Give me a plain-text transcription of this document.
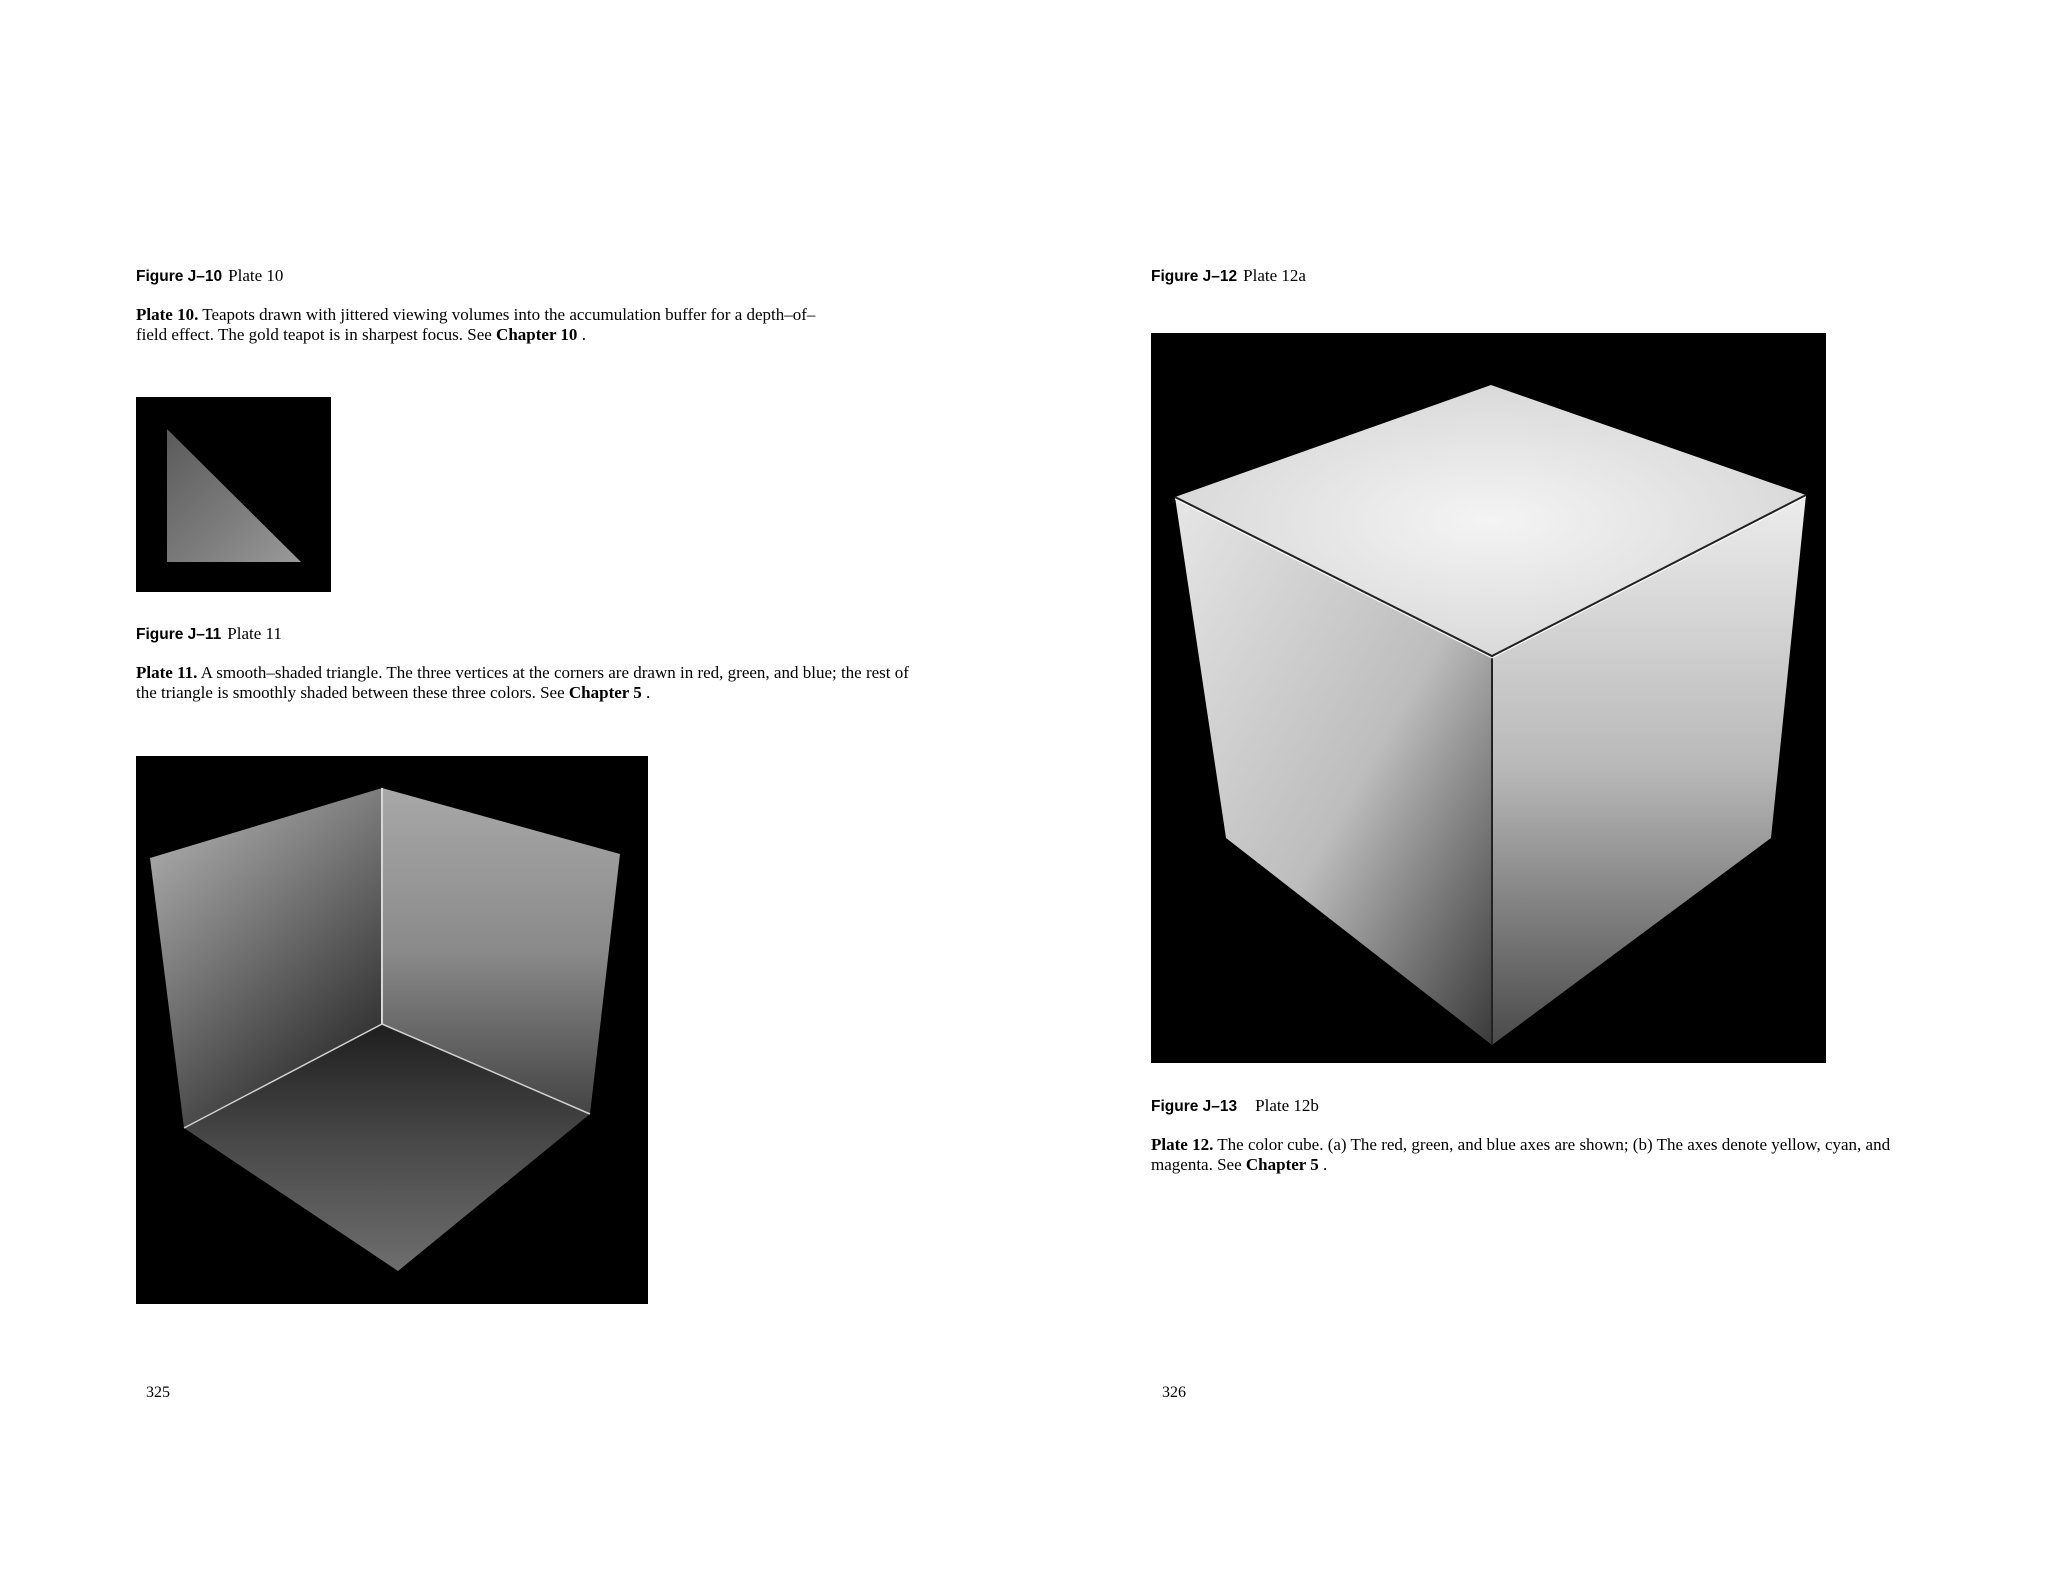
Figure J–10 Plate 10
Plate 10. Teapots drawn with jittered viewing volumes into the accumulation buffer for a depth–of–field effect. The gold teapot is in sharpest focus. See Chapter 10 .
Figure J–11 Plate 11
Plate 11. A smooth–shaded triangle. The three vertices at the corners are drawn in red, green, and blue; the rest of the triangle is smoothly shaded between these three colors. See Chapter 5 .
325
Figure J–12 Plate 12a
Figure J–13 Plate 12b
Plate 12. The color cube. (a) The red, green, and blue axes are shown; (b) The axes denote yellow, cyan, and magenta. See Chapter 5 .
326
